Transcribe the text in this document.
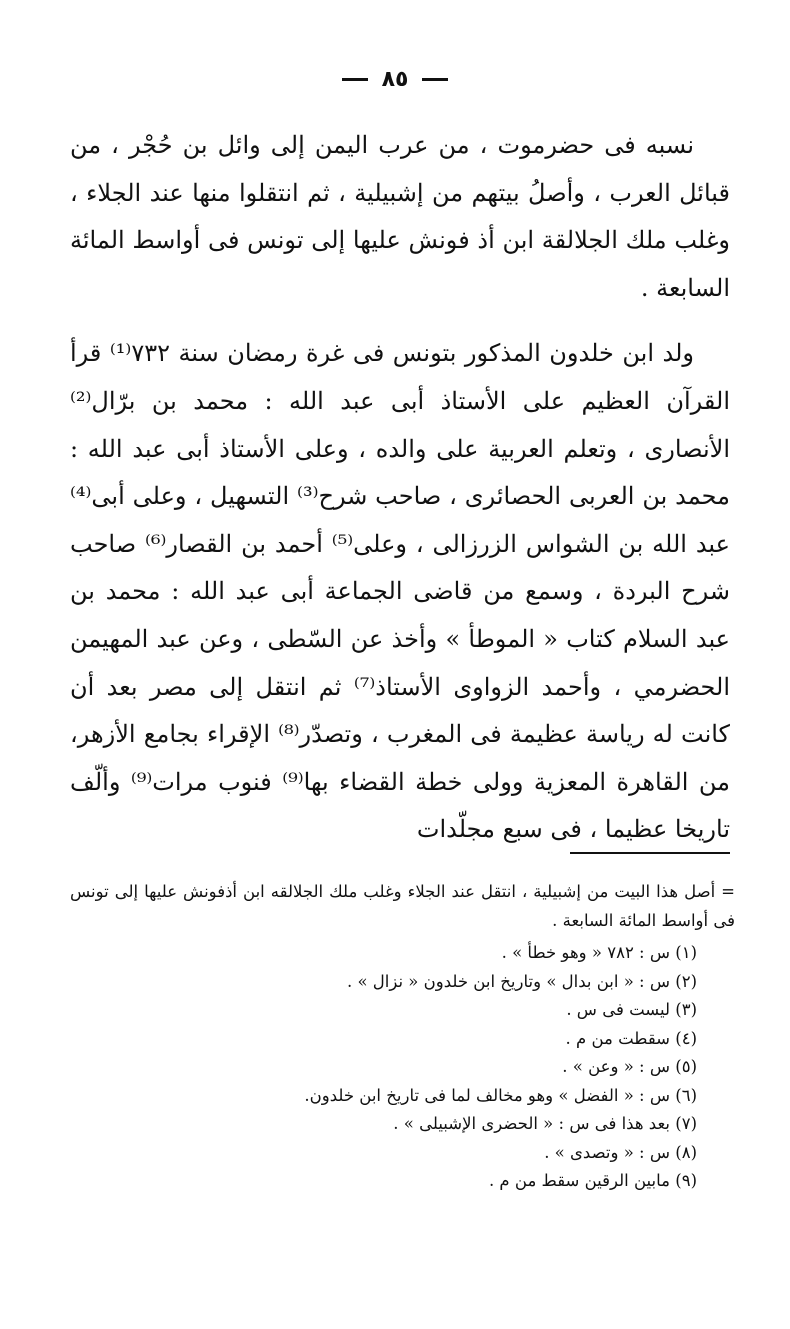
٨٥

نسبه فى حضرموت ، من عرب اليمن إلى وائل بن حُجْر ، من قبائل العرب ، وأصلُ بيتهم من إشبيلية ، ثم انتقلوا منها عند الجلاء ، وغلب ملك الجلالقة ابن أذ فونش عليها إلى تونس فى أواسط المائة السابعة .

ولد ابن خلدون المذكور بتونس فى غرة رمضان سنة ٧٣٢⁽¹⁾ قرأ القرآن العظيم على الأستاذ أبى عبد الله : محمد بن برّال⁽²⁾ الأنصارى ، وتعلم العربية على والده ، وعلى الأستاذ أبى عبد الله : محمد بن العربى الحصائرى ، صاحب شرح⁽³⁾ التسهيل ، وعلى أبى⁽⁴⁾ عبد الله بن الشواس الزرزالى ، وعلى⁽⁵⁾ أحمد بن القصار⁽⁶⁾ صاحب شرح البردة ، وسمع من قاضى الجماعة أبى عبد الله : محمد بن عبد السلام كتاب « الموطأ » وأخذ عن السّطى ، وعن عبد المهيمن الحضرمي ، وأحمد الزواوى الأستاذ⁽⁷⁾ ثم انتقل إلى مصر بعد أن كانت له رياسة عظيمة فى المغرب ، وتصدّر⁽⁸⁾ الإقراء بجامع الأزهر، من القاهرة المعزية وولى خطة القضاء بها⁽⁹⁾ فنوب مرات⁽⁹⁾ وألّف تاريخا عظيما ، فى سبع مجلّدات

= أصل هذا البيت من إشبيلية ، انتقل عند الجلاء وغلب ملك الجلالقه ابن أذفونش عليها إلى تونس فى أواسط المائة السابعة .

(١) س : ٧٨٢ « وهو خطأ » .

(٢) س : « ابن بدال » وتاريخ ابن خلدون « نزال » .

(٣) ليست فى س .

(٤) سقطت من م .

(٥) س : « وعن » .

(٦) س : « الفضل » وهو مخالف لما فى تاريخ ابن خلدون.

(٧) بعد هذا فى س : « الحضرى الإشبيلى » .

(٨) س : « وتصدى » .

(٩) مابين الرقين سقط من م .
